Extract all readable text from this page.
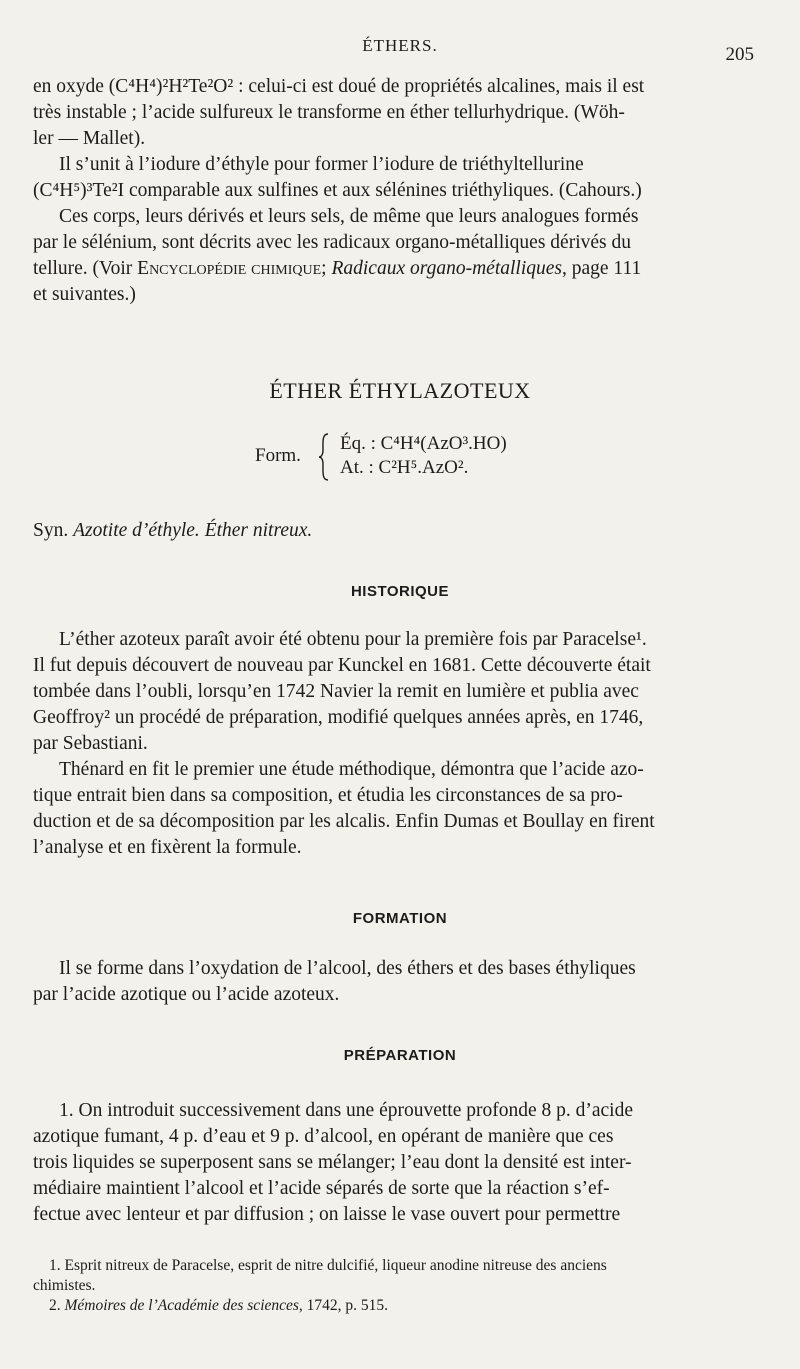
ÉTHERS.	205

en oxyde (C⁴H⁴)²H²Te²O² : celui-ci est doué de propriétés alcalines, mais il est

très instable ; l’acide sulfureux le transforme en éther tellurhydrique. (Wöh-

ler — Mallet).

Il s’unit à l’iodure d’éthyle pour former l’iodure de triéthyltellurine

(C⁴H⁵)³Te²I comparable aux sulfines et aux sélénines triéthyliques. (Cahours.)

Ces corps, leurs dérivés et leurs sels, de même que leurs analogues formés

par le sélénium, sont décrits avec les radicaux organo-métalliques dérivés du

tellure. (Voir Encyclopédie chimique; Radicaux organo-métalliques, page 111

et suivantes.)

ÉTHER ÉTHYLAZOTEUX
Form.
Éq. : C⁴H⁴(AzO³.HO)
At. : C²H⁵.AzO².
Syn. Azotite d’éthyle. Éther nitreux.
HISTORIQUE

L’éther azoteux paraît avoir été obtenu pour la première fois par Paracelse¹.

Il fut depuis découvert de nouveau par Kunckel en 1681. Cette découverte était

tombée dans l’oubli, lorsqu’en 1742 Navier la remit en lumière et publia avec

Geoffroy² un procédé de préparation, modifié quelques années après, en 1746,

par Sebastiani.

Thénard en fit le premier une étude méthodique, démontra que l’acide azo-

tique entrait bien dans sa composition, et étudia les circonstances de sa pro-

duction et de sa décomposition par les alcalis. Enfin Dumas et Boullay en firent

l’analyse et en fixèrent la formule.

FORMATION

Il se forme dans l’oxydation de l’alcool, des éthers et des bases éthyliques

par l’acide azotique ou l’acide azoteux.

PRÉPARATION

1. On introduit successivement dans une éprouvette profonde 8 p. d’acide

azotique fumant, 4 p. d’eau et 9 p. d’alcool, en opérant de manière que ces

trois liquides se superposent sans se mélanger; l’eau dont la densité est inter-

médiaire maintient l’alcool et l’acide séparés de sorte que la réaction s’ef-

fectue avec lenteur et par diffusion ; on laisse le vase ouvert pour permettre

1. Esprit nitreux de Paracelse, esprit de nitre dulcifié, liqueur anodine nitreuse des anciens

chimistes.

2. Mémoires de l’Académie des sciences, 1742, p. 515.
